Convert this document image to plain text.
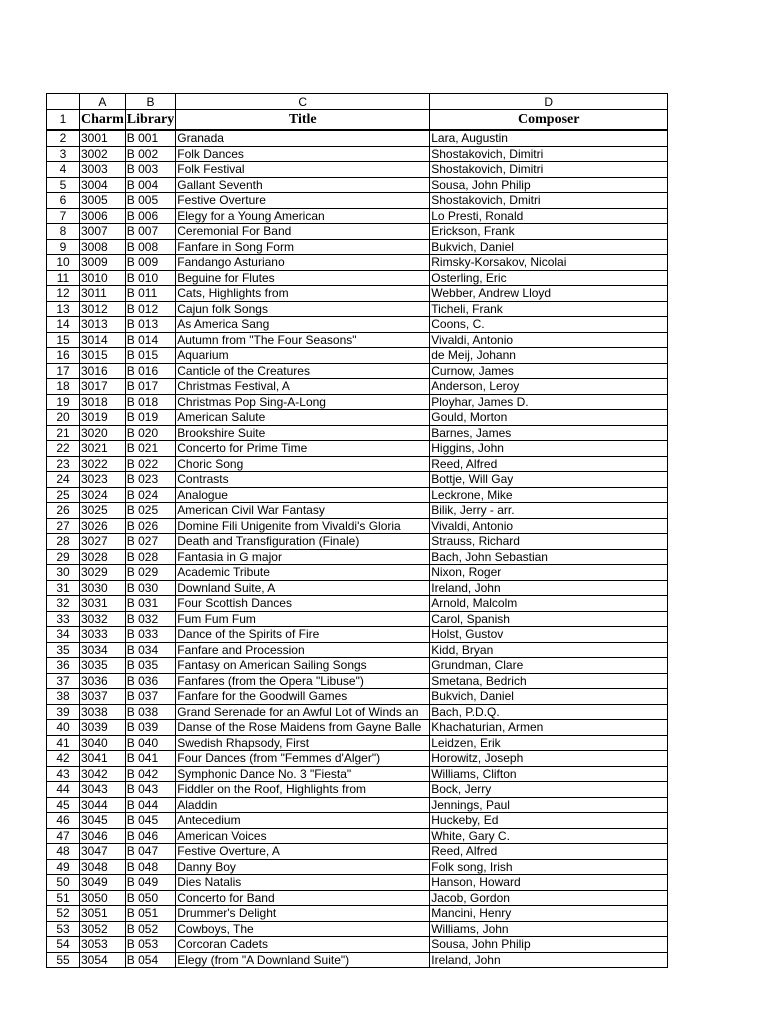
	A	B	C	D
1	Charm	Library	Title	Composer
2	3001	B 001	Granada	Lara, Augustin
3	3002	B 002	Folk Dances	Shostakovich, Dimitri
4	3003	B 003	Folk Festival	Shostakovich, Dimitri
5	3004	B 004	Gallant Seventh	Sousa, John Philip
6	3005	B 005	Festive Overture	Shostakovich, Dmitri
7	3006	B 006	Elegy for a Young American	Lo Presti, Ronald
8	3007	B 007	Ceremonial For Band	Erickson, Frank
9	3008	B 008	Fanfare in Song Form	Bukvich, Daniel
10	3009	B 009	Fandango Asturiano	Rimsky-Korsakov, Nicolai
11	3010	B 010	Beguine for Flutes	Osterling, Eric
12	3011	B 011	Cats, Highlights from	Webber, Andrew Lloyd
13	3012	B 012	Cajun folk Songs	Ticheli, Frank
14	3013	B 013	As America Sang	Coons, C.
15	3014	B 014	Autumn from "The Four Seasons"	Vivaldi, Antonio
16	3015	B 015	Aquarium	de Meij, Johann
17	3016	B 016	Canticle of the Creatures	Curnow, James
18	3017	B 017	Christmas Festival, A	Anderson, Leroy
19	3018	B 018	Christmas Pop Sing-A-Long	Ployhar, James D.
20	3019	B 019	American Salute	Gould, Morton
21	3020	B 020	Brookshire Suite	Barnes, James
22	3021	B 021	Concerto for Prime Time	Higgins, John
23	3022	B 022	Choric Song	Reed, Alfred
24	3023	B 023	Contrasts	Bottje, Will Gay
25	3024	B 024	Analogue	Leckrone, Mike
26	3025	B 025	American Civil War Fantasy	Bilik, Jerry - arr.
27	3026	B 026	Domine Fili Unigenite from Vivaldi's Gloria	Vivaldi, Antonio
28	3027	B 027	Death and Transfiguration (Finale)	Strauss, Richard
29	3028	B 028	Fantasia in G major	Bach, John Sebastian
30	3029	B 029	Academic Tribute	Nixon, Roger
31	3030	B 030	Downland Suite, A	Ireland, John
32	3031	B 031	Four Scottish Dances	Arnold, Malcolm
33	3032	B 032	Fum Fum Fum	Carol, Spanish
34	3033	B 033	Dance of the Spirits of Fire	Holst, Gustov
35	3034	B 034	Fanfare and Procession	Kidd, Bryan
36	3035	B 035	Fantasy on American Sailing Songs	Grundman, Clare
37	3036	B 036	Fanfares (from the Opera "Libuse")	Smetana, Bedrich
38	3037	B 037	Fanfare for the Goodwill Games	Bukvich, Daniel
39	3038	B 038	Grand Serenade for an Awful Lot of Winds an	Bach, P.D.Q.
40	3039	B 039	Danse of the Rose Maidens from Gayne Balle	Khachaturian, Armen
41	3040	B 040	Swedish Rhapsody, First	Leidzen, Erik
42	3041	B 041	Four Dances (from "Femmes d'Alger")	Horowitz, Joseph
43	3042	B 042	Symphonic Dance No. 3 "Fiesta"	Williams, Clifton
44	3043	B 043	Fiddler on the Roof, Highlights from	Bock, Jerry
45	3044	B 044	Aladdin	Jennings, Paul
46	3045	B 045	Antecedium	Huckeby, Ed
47	3046	B 046	American Voices	White, Gary C.
48	3047	B 047	Festive Overture, A	Reed, Alfred
49	3048	B 048	Danny Boy	Folk song, Irish
50	3049	B 049	Dies Natalis	Hanson, Howard
51	3050	B 050	Concerto for Band	Jacob, Gordon
52	3051	B 051	Drummer's Delight	Mancini, Henry
53	3052	B 052	Cowboys, The	Williams, John
54	3053	B 053	Corcoran Cadets	Sousa, John Philip
55	3054	B 054	Elegy (from "A Downland Suite")	Ireland, John
